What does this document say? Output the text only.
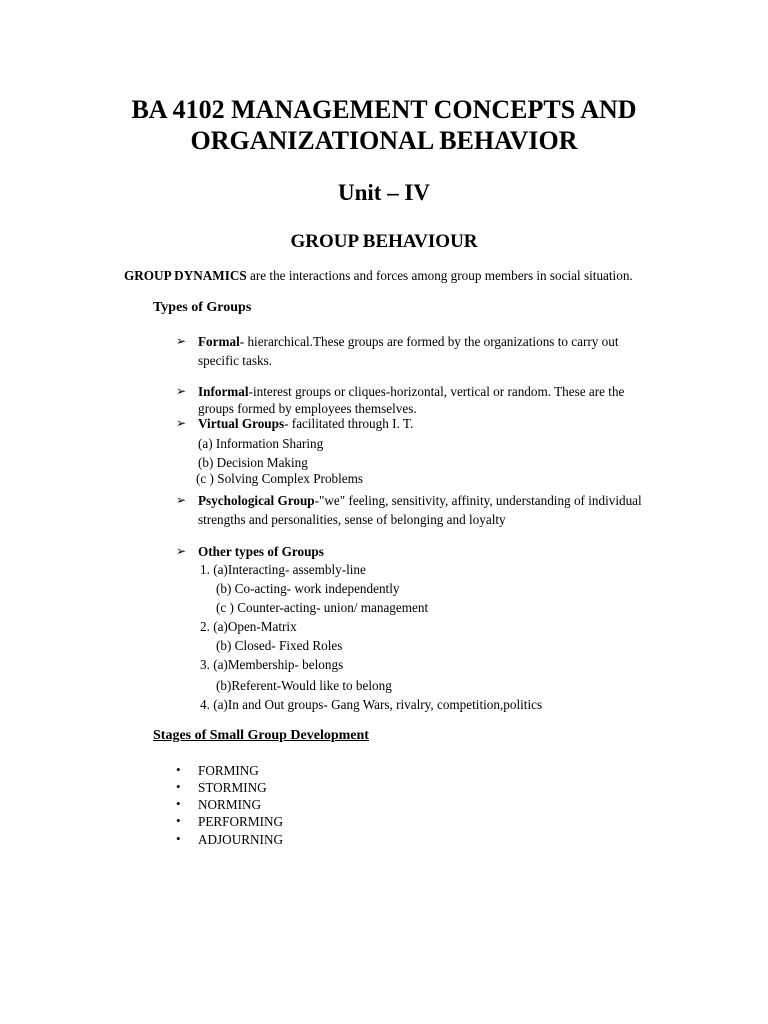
BA 4102 MANAGEMENT CONCEPTS AND
ORGANIZATIONAL BEHAVIOR
Unit – IV
GROUP BEHAVIOUR
GROUP DYNAMICS are the interactions and forces among group members in social situation.
Types of Groups
➢ Formal- hierarchical.These groups are formed by the organizations to carry out
specific tasks.
➢ Informal-interest groups or cliques-horizontal, vertical or random. These are the
groups formed by employees themselves.
➢ Virtual Groups- facilitated through I. T.
(a) Information Sharing
(b) Decision Making
(c ) Solving Complex Problems
➢ Psychological Group-"we" feeling, sensitivity, affinity, understanding of individual
strengths and personalities, sense of belonging and loyalty
➢ Other types of Groups
1. (a)Interacting- assembly-line
(b) Co-acting- work independently
(c ) Counter-acting- union/ management
2. (a)Open-Matrix
(b) Closed- Fixed Roles
3. (a)Membership- belongs
(b)Referent-Would like to belong
4. (a)In and Out groups- Gang Wars, rivalry, competition,politics
Stages of Small Group Development
• FORMING
• STORMING
• NORMING
• PERFORMING
• ADJOURNING
